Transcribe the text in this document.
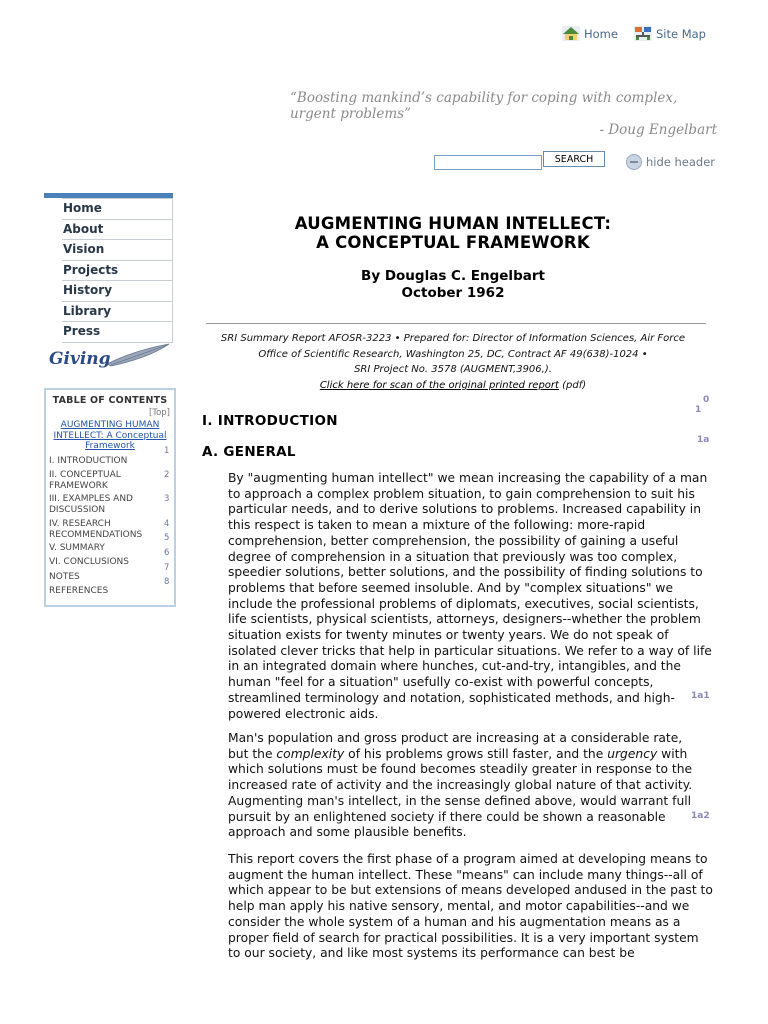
Home	Site Map
“Boosting mankind’s capability for coping with complex, urgent problems”
- Doug Engelbart
SEARCH	hide header
Home
About
Vision
Projects
History
Library
Press
Giving
TABLE OF CONTENTS
[Top]
AUGMENTING HUMAN INTELLECT: A Conceptual Framework
I. INTRODUCTION
II. CONCEPTUAL FRAMEWORK
III. EXAMPLES AND DISCUSSION
IV. RESEARCH RECOMMENDATIONS
V. SUMMARY
VI. CONCLUSIONS
NOTES
REFERENCES
1
2
3
4
5
6
7
8
AUGMENTING HUMAN INTELLECT:
A CONCEPTUAL FRAMEWORK
By Douglas C. Engelbart
October 1962
SRI Summary Report AFOSR-3223 • Prepared for: Director of Information Sciences, Air Force
Office of Scientific Research, Washington 25, DC, Contract AF 49(638)-1024 •
SRI Project No. 3578 (AUGMENT,3906,).
Click here for scan of the original printed report (pdf)
0
1
1a
1a1
1a2
I. INTRODUCTION
A. GENERAL
By "augmenting human intellect" we mean increasing the capability of a man to approach a complex problem situation, to gain comprehension to suit his particular needs, and to derive solutions to problems. Increased capability in this respect is taken to mean a mixture of the following: more-rapid comprehension, better comprehension, the possibility of gaining a useful degree of comprehension in a situation that previously was too complex, speedier solutions, better solutions, and the possibility of finding solutions to problems that before seemed insoluble. And by "complex situations" we include the professional problems of diplomats, executives, social scientists, life scientists, physical scientists, attorneys, designers--whether the problem situation exists for twenty minutes or twenty years. We do not speak of isolated clever tricks that help in particular situations. We refer to a way of life in an integrated domain where hunches, cut-and-try, intangibles, and the human "feel for a situation" usefully co-exist with powerful concepts, streamlined terminology and notation, sophisticated methods, and high-powered electronic aids.
Man's population and gross product are increasing at a considerable rate, but the complexity of his problems grows still faster, and the urgency with which solutions must be found becomes steadily greater in response to the increased rate of activity and the increasingly global nature of that activity. Augmenting man's intellect, in the sense defined above, would warrant full pursuit by an enlightened society if there could be shown a reasonable approach and some plausible benefits.
This report covers the first phase of a program aimed at developing means to augment the human intellect. These "means" can include many things--all of which appear to be but extensions of means developed andused in the past to help man apply his native sensory, mental, and motor capabilities--and we consider the whole system of a human and his augmentation means as a proper field of search for practical possibilities. It is a very important system to our society, and like most systems its performance can best be
